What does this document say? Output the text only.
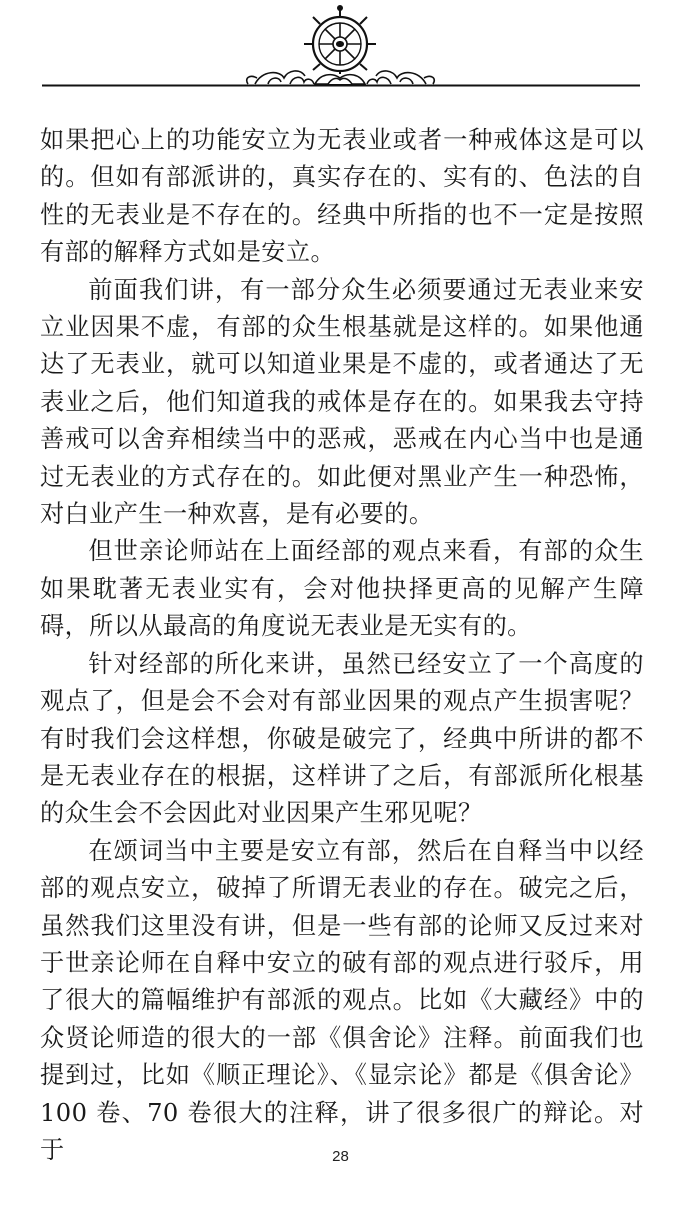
如果把心上的功能安立为无表业或者一种戒体这是可以的。但如有部派讲的，真实存在的、实有的、色法的自性的无表业是不存在的。经典中所指的也不一定是按照有部的解释方式如是安立。

前面我们讲，有一部分众生必须要通过无表业来安立业因果不虚，有部的众生根基就是这样的。如果他通达了无表业，就可以知道业果是不虚的，或者通达了无表业之后，他们知道我的戒体是存在的。如果我去守持善戒可以舍弃相续当中的恶戒，恶戒在内心当中也是通过无表业的方式存在的。如此便对黑业产生一种恐怖，对白业产生一种欢喜，是有必要的。

但世亲论师站在上面经部的观点来看，有部的众生如果耽著无表业实有，会对他抉择更高的见解产生障碍，所以从最高的角度说无表业是无实有的。

针对经部的所化来讲，虽然已经安立了一个高度的观点了，但是会不会对有部业因果的观点产生损害呢？有时我们会这样想，你破是破完了，经典中所讲的都不是无表业存在的根据，这样讲了之后，有部派所化根基的众生会不会因此对业因果产生邪见呢？

在颂词当中主要是安立有部，然后在自释当中以经部的观点安立，破掉了所谓无表业的存在。破完之后，虽然我们这里没有讲，但是一些有部的论师又反过来对于世亲论师在自释中安立的破有部的观点进行驳斥，用了很大的篇幅维护有部派的观点。比如《大藏经》中的众贤论师造的很大的一部《俱舍论》注释。前面我们也提到过，比如《顺正理论》、《显宗论》都是《俱舍论》100 卷、70 卷很大的注释，讲了很多很广的辩论。对于	28
